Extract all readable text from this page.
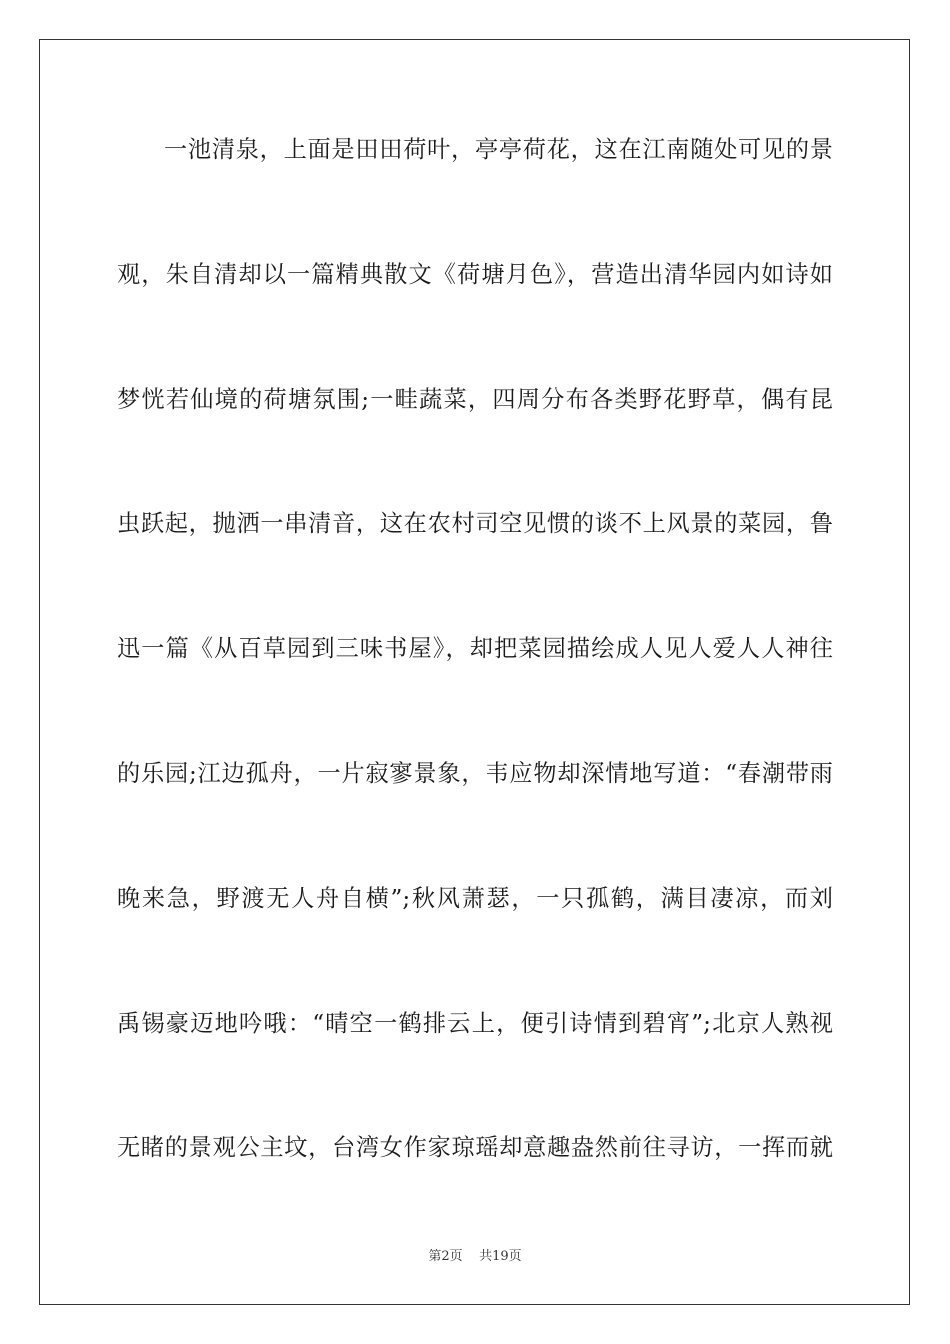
一池清泉，上面是田田荷叶，亭亭荷花，这在江南随处可见的景
观，朱自清却以一篇精典散文《荷塘月色》，营造出清华园内如诗如
梦恍若仙境的荷塘氛围;一畦蔬菜，四周分布各类野花野草，偶有昆
虫跃起，抛洒一串清音，这在农村司空见惯的谈不上风景的菜园，鲁
迅一篇《从百草园到三味书屋》，却把菜园描绘成人见人爱人人神往
的乐园;江边孤舟，一片寂寥景象，韦应物却深情地写道：“春潮带雨
晚来急，野渡无人舟自横”;秋风萧瑟，一只孤鹤，满目凄凉，而刘
禹锡豪迈地吟哦：“晴空一鹤排云上，便引诗情到碧宵”;北京人熟视
无睹的景观公主坟，台湾女作家琼瑶却意趣盎然前往寻访，一挥而就
第2页    共19页
